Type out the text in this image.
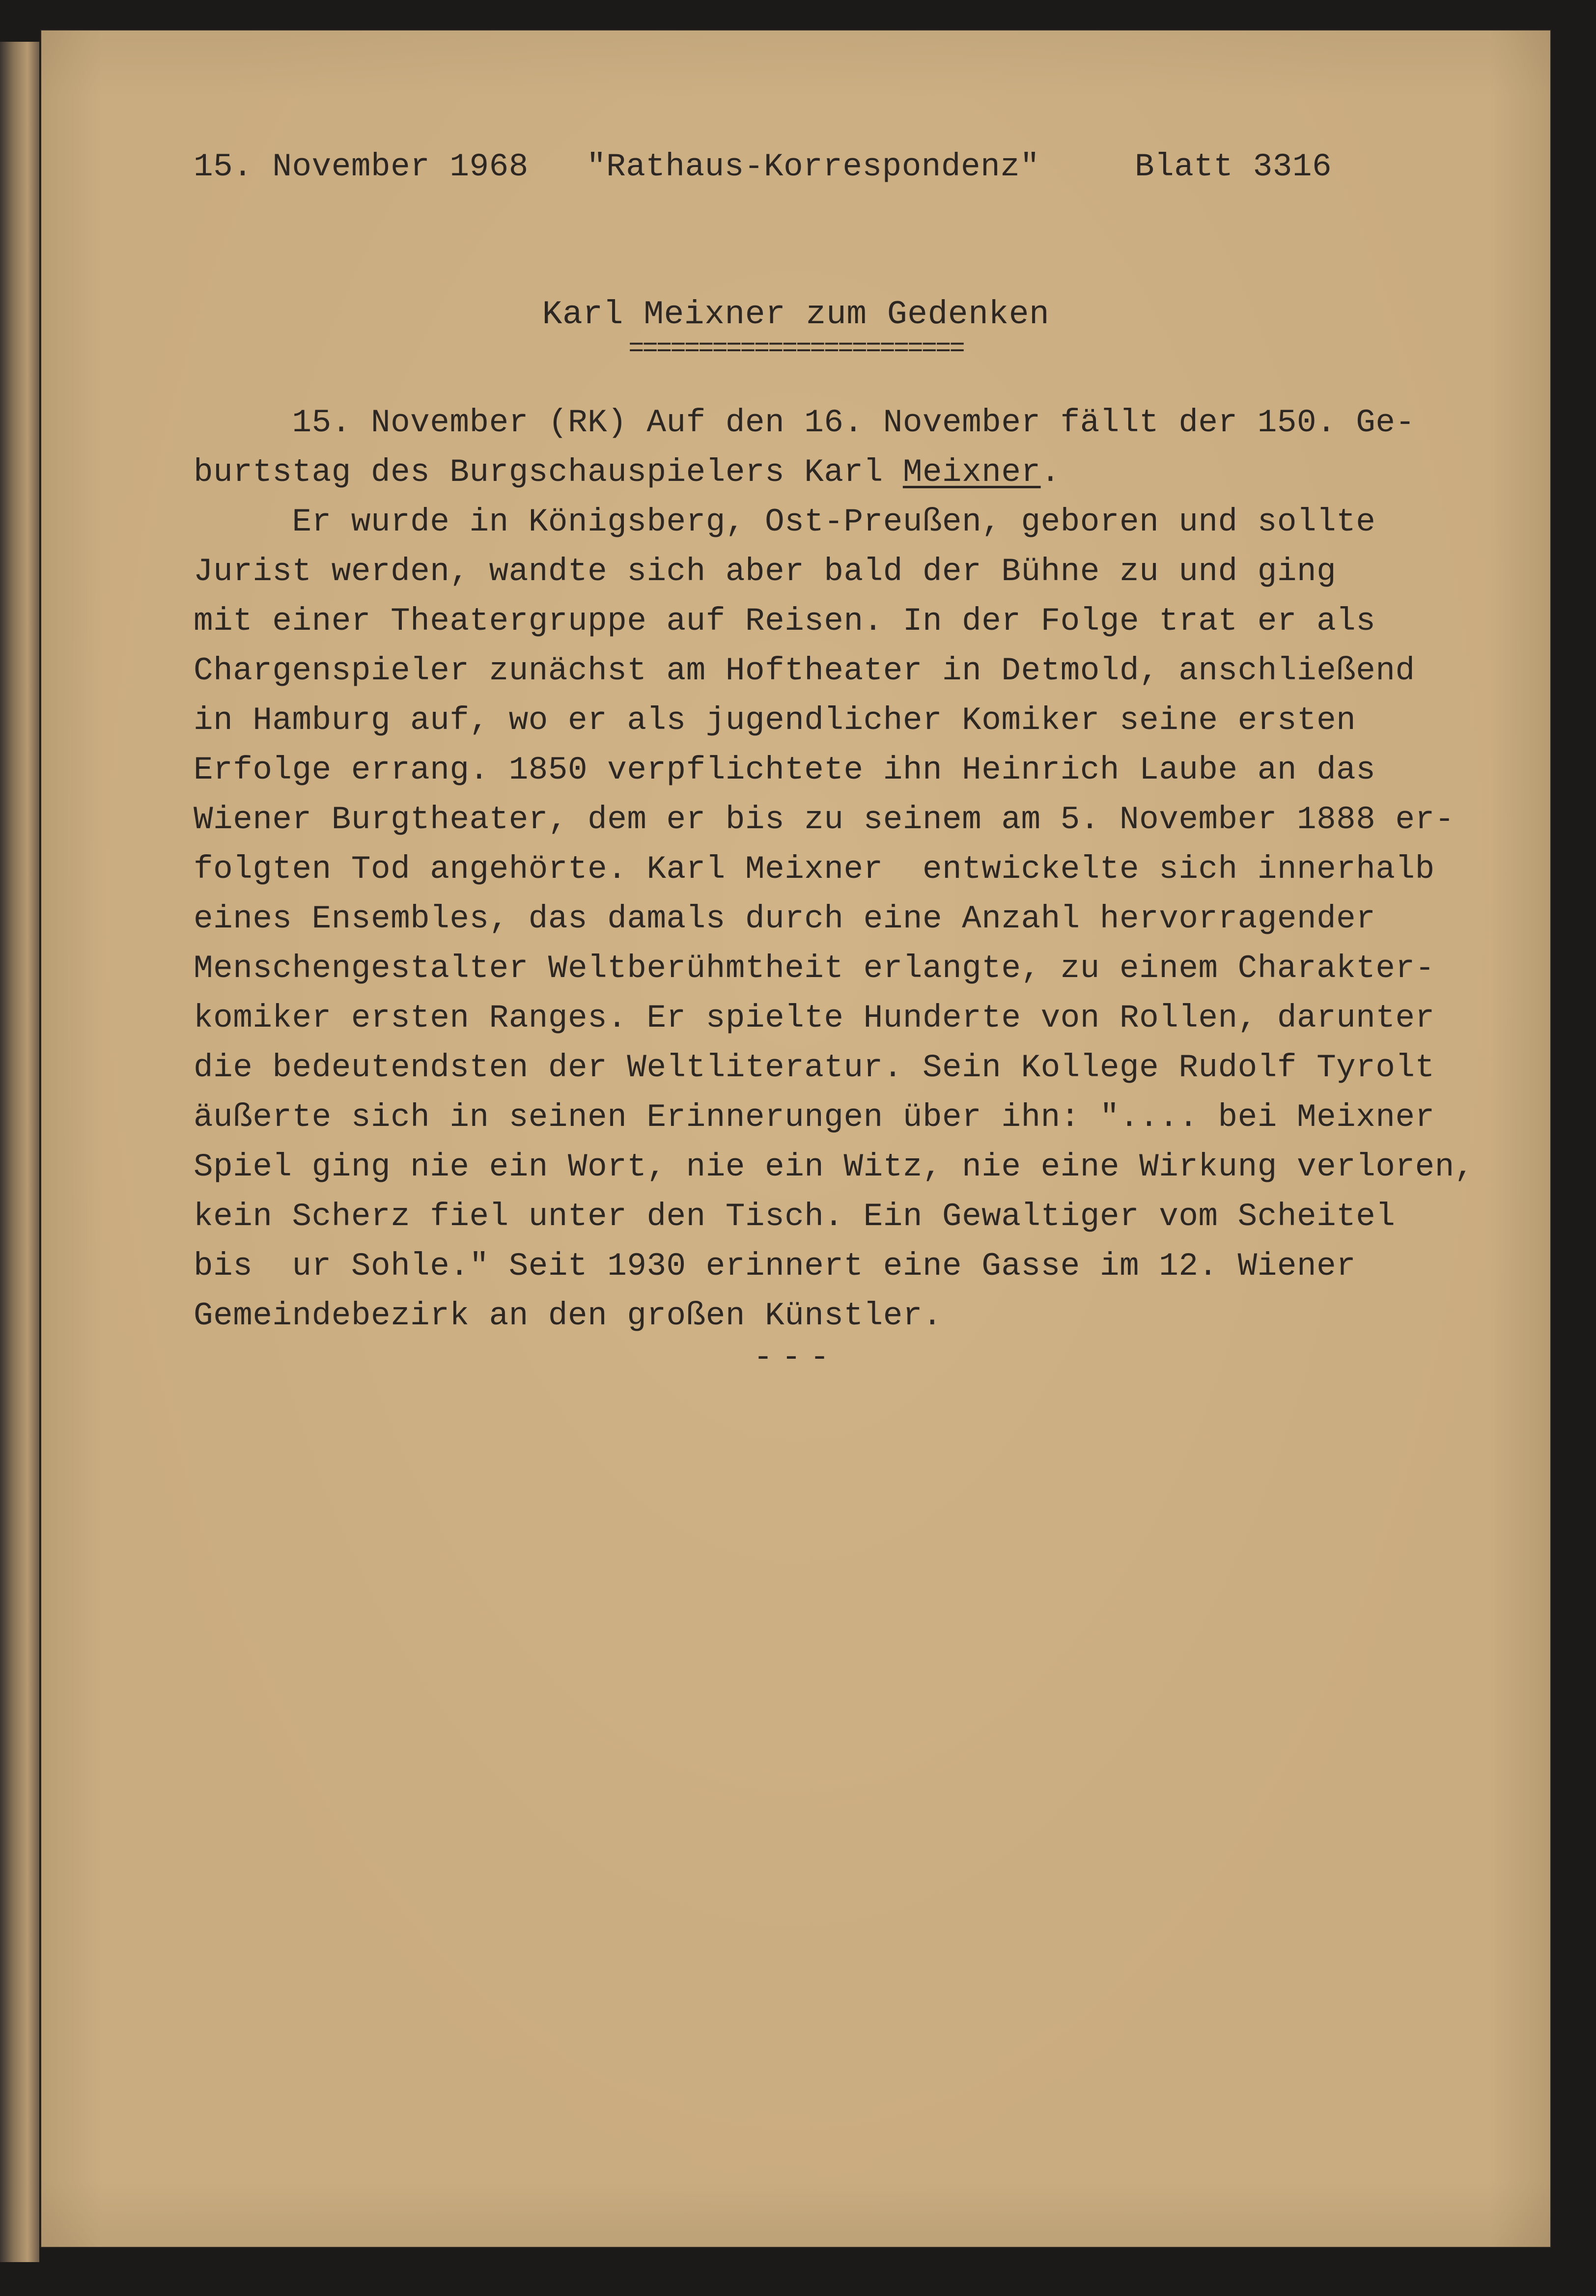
15. November 1968 "Rathaus-Korrespondenz"	Blatt 3316
Karl Meixner zum Gedenken
========================
15. November (RK) Auf den 16. November fällt der 150. Ge-
burtstag des Burgschauspielers Karl Meixner.
Er wurde in Königsberg, Ost-Preußen, geboren und sollte
Jurist werden, wandte sich aber bald der Bühne zu und ging
mit einer Theatergruppe auf Reisen. In der Folge trat er als
Chargenspieler zunächst am Hoftheater in Detmold, anschließend
in Hamburg auf, wo er als jugendlicher Komiker seine ersten
Erfolge errang. 1850 verpflichtete ihn Heinrich Laube an das
Wiener Burgtheater, dem er bis zu seinem am 5. November 1888 er-
folgten Tod angehörte. Karl Meixner  entwickelte sich innerhalb
eines Ensembles, das damals durch eine Anzahl hervorragender
Menschengestalter Weltberühmtheit erlangte, zu einem Charakter-
komiker ersten Ranges. Er spielte Hunderte von Rollen, darunter
die bedeutendsten der Weltliteratur. Sein Kollege Rudolf Tyrolt
äußerte sich in seinen Erinnerungen über ihn: ".... bei Meixner
Spiel ging nie ein Wort, nie ein Witz, nie eine Wirkung verloren,
kein Scherz fiel unter den Tisch. Ein Gewaltiger vom Scheitel
bis  ur Sohle." Seit 1930 erinnert eine Gasse im 12. Wiener
Gemeindebezirk an den großen Künstler.
---
